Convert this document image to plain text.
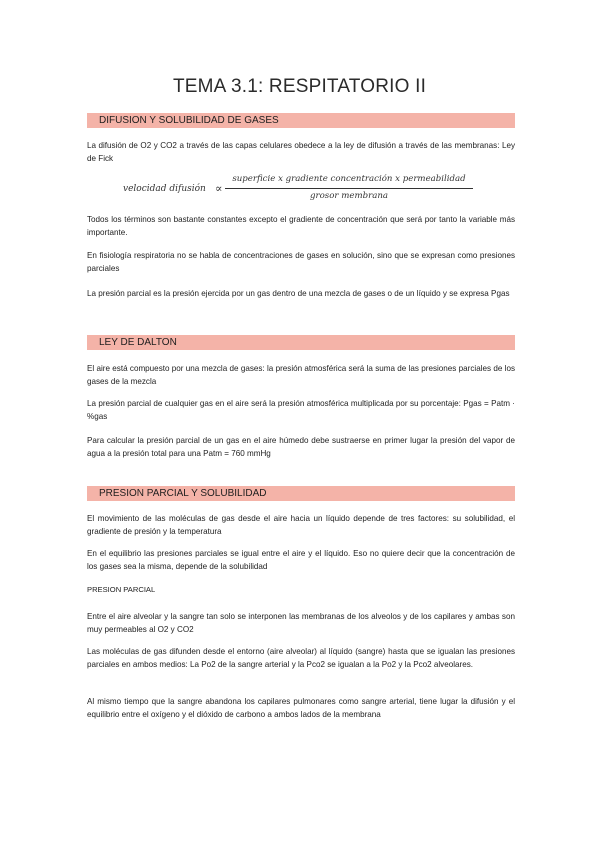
TEMA 3.1: RESPITATORIO II
DIFUSION Y SOLUBILIDAD DE GASES
La difusión de O2 y CO2 a través de las capas celulares obedece a la ley de difusión a través de las membranas: Ley de Fick
velocidad difusión ∝
superficie x gradiente concentración x permeabilidad
grosor membrana
Todos los términos son bastante constantes excepto el gradiente de concentración que será por tanto la variable más importante.
En fisiología respiratoria no se habla de concentraciones de gases en solución, sino que se expresan como presiones parciales
La presión parcial es la presión ejercida por un gas dentro de una mezcla de gases o de un líquido y se expresa Pgas
LEY DE DALTON
El aire está compuesto por una mezcla de gases: la presión atmosférica será la suma de las presiones parciales de los gases de la mezcla
La presión parcial de cualquier gas en el aire será la presión atmosférica multiplicada por su porcentaje: Pgas = Patm · %gas
Para calcular la presión parcial de un gas en el aire húmedo debe sustraerse en primer lugar la presión del vapor de agua a la presión total para una Patm = 760 mmHg
PRESION PARCIAL Y SOLUBILIDAD
El movimiento de las moléculas de gas desde el aire hacia un líquido depende de tres factores: su solubilidad, el gradiente de presión y la temperatura
En el equilibrio las presiones parciales se igual entre el aire y el líquido. Eso no quiere decir que la concentración de los gases sea la misma, depende de la solubilidad
PRESION PARCIAL
Entre el aire alveolar y la sangre tan solo se interponen las membranas de los alveolos y de los capilares y ambas son muy permeables al O2 y CO2
Las moléculas de gas difunden desde el entorno (aire alveolar) al líquido (sangre) hasta que se igualan las presiones parciales en ambos medios: La Po2 de la sangre arterial y la Pco2 se igualan a la Po2 y la Pco2 alveolares.
Al mismo tiempo que la sangre abandona los capilares pulmonares como sangre arterial, tiene lugar la difusión y el equilibrio entre el oxígeno y el dióxido de carbono a ambos lados de la membrana
